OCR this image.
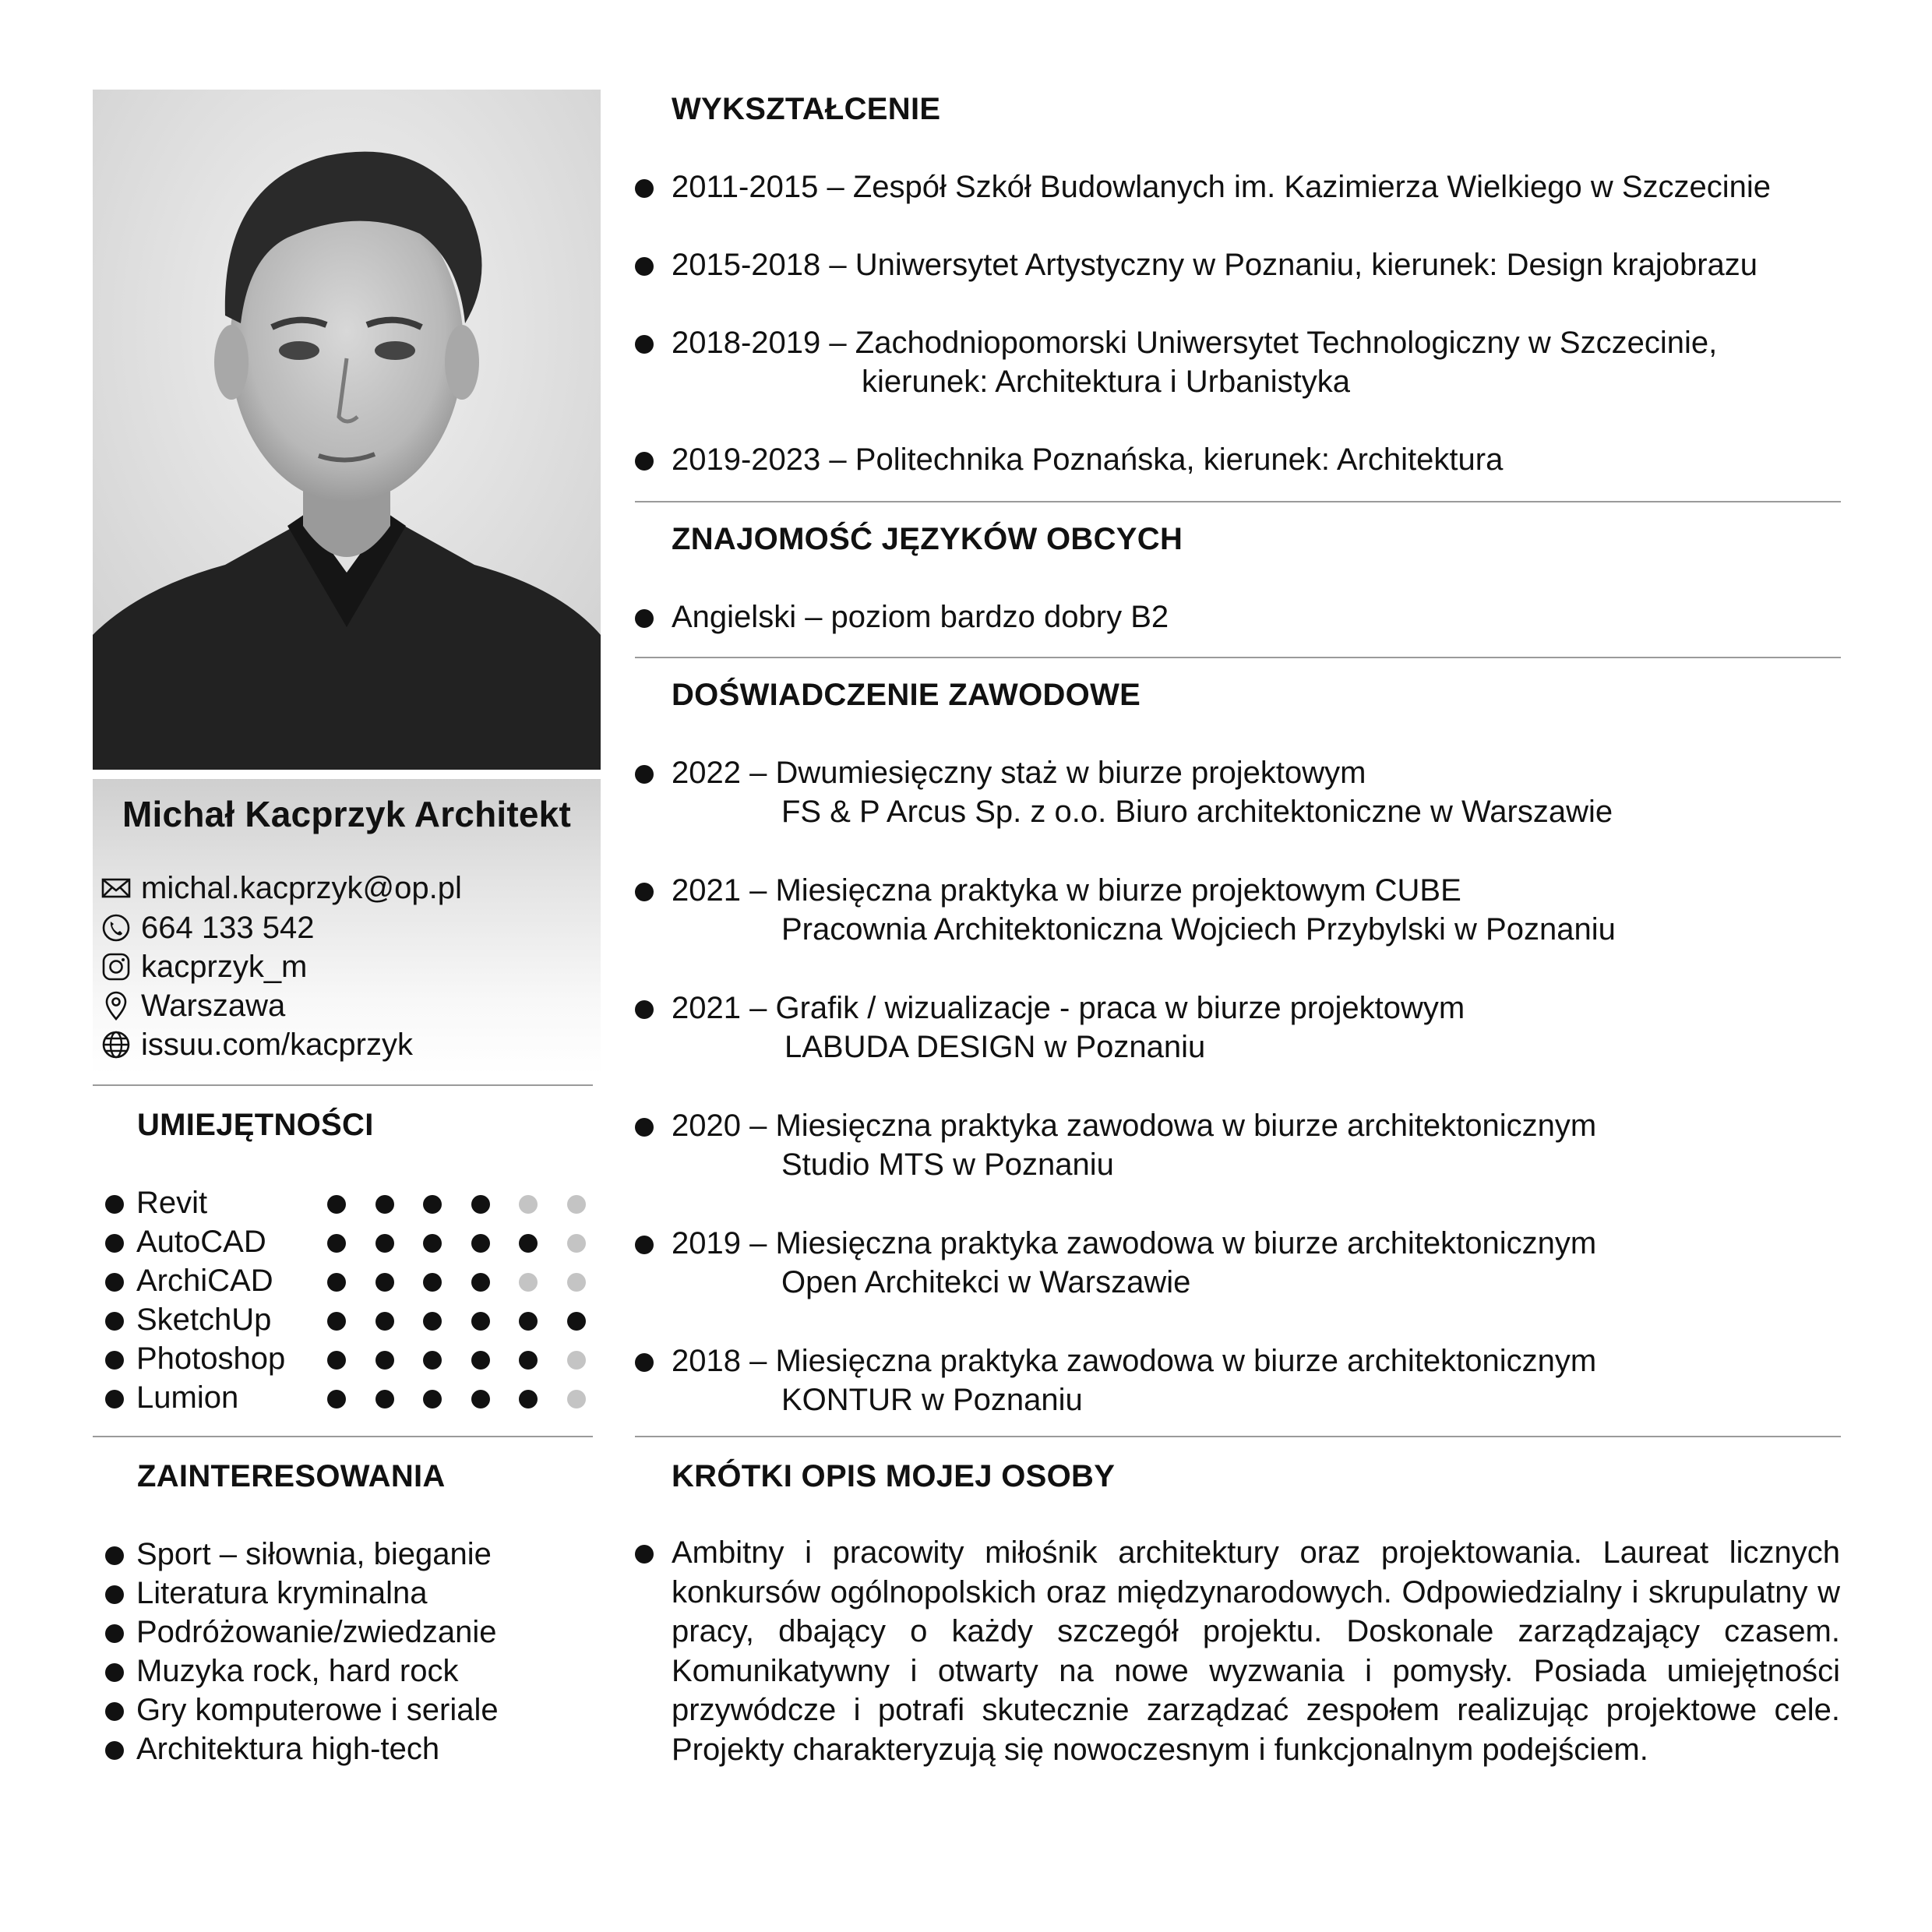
Michał Kacprzyk Architekt
michal.kacprzyk@op.pl
664 133 542
kacprzyk_m
Warszawa
issuu.com/kacprzyk
UMIEJĘTNOŚCI
Revit
AutoCAD
ArchiCAD
SketchUp
Photoshop
Lumion
ZAINTERESOWANIA
Sport – siłownia, bieganie
Literatura kryminalna
Podróżowanie/zwiedzanie
Muzyka rock, hard rock
Gry komputerowe i seriale
Architektura high-tech
WYKSZTAŁCENIE
2011-2015 – Zespół Szkół Budowlanych im. Kazimierza Wielkiego w Szczecinie
2015-2018 – Uniwersytet Artystyczny w Poznaniu, kierunek: Design krajobrazu
2018-2019 – Zachodniopomorski Uniwersytet Technologiczny w Szczecinie,
kierunek: Architektura i Urbanistyka
2019-2023 – Politechnika Poznańska, kierunek: Architektura
ZNAJOMOŚĆ JĘZYKÓW OBCYCH
Angielski – poziom bardzo dobry B2
DOŚWIADCZENIE ZAWODOWE
2022 – Dwumiesięczny staż w biurze projektowym
FS & P Arcus Sp. z o.o. Biuro architektoniczne w Warszawie
2021 – Miesięczna praktyka w biurze projektowym CUBE
Pracownia Architektoniczna Wojciech Przybylski w Poznaniu
2021 – Grafik / wizualizacje - praca w biurze projektowym
LABUDA DESIGN w Poznaniu
2020 – Miesięczna praktyka zawodowa w biurze architektonicznym
Studio MTS w Poznaniu
2019 – Miesięczna praktyka zawodowa w biurze architektonicznym
Open Architekci w Warszawie
2018 – Miesięczna praktyka zawodowa w biurze architektonicznym
KONTUR w Poznaniu
KRÓTKI OPIS MOJEJ OSOBY
Ambitny i pracowity miłośnik architektury oraz projektowania. Laureat licznych konkursów ogólnopolskich oraz międzynarodowych. Odpowiedzialny i skrupulatny w pracy, dbający o każdy szczegół projektu. Doskonale zarządzający czasem. Komunikatywny i otwarty na nowe wyzwania i pomysły. Posiada umiejętności przywódcze i potrafi skutecznie zarządzać zespołem realizując projektowe cele. Projekty charakteryzują się nowoczesnym i funkcjonalnym podejściem.
